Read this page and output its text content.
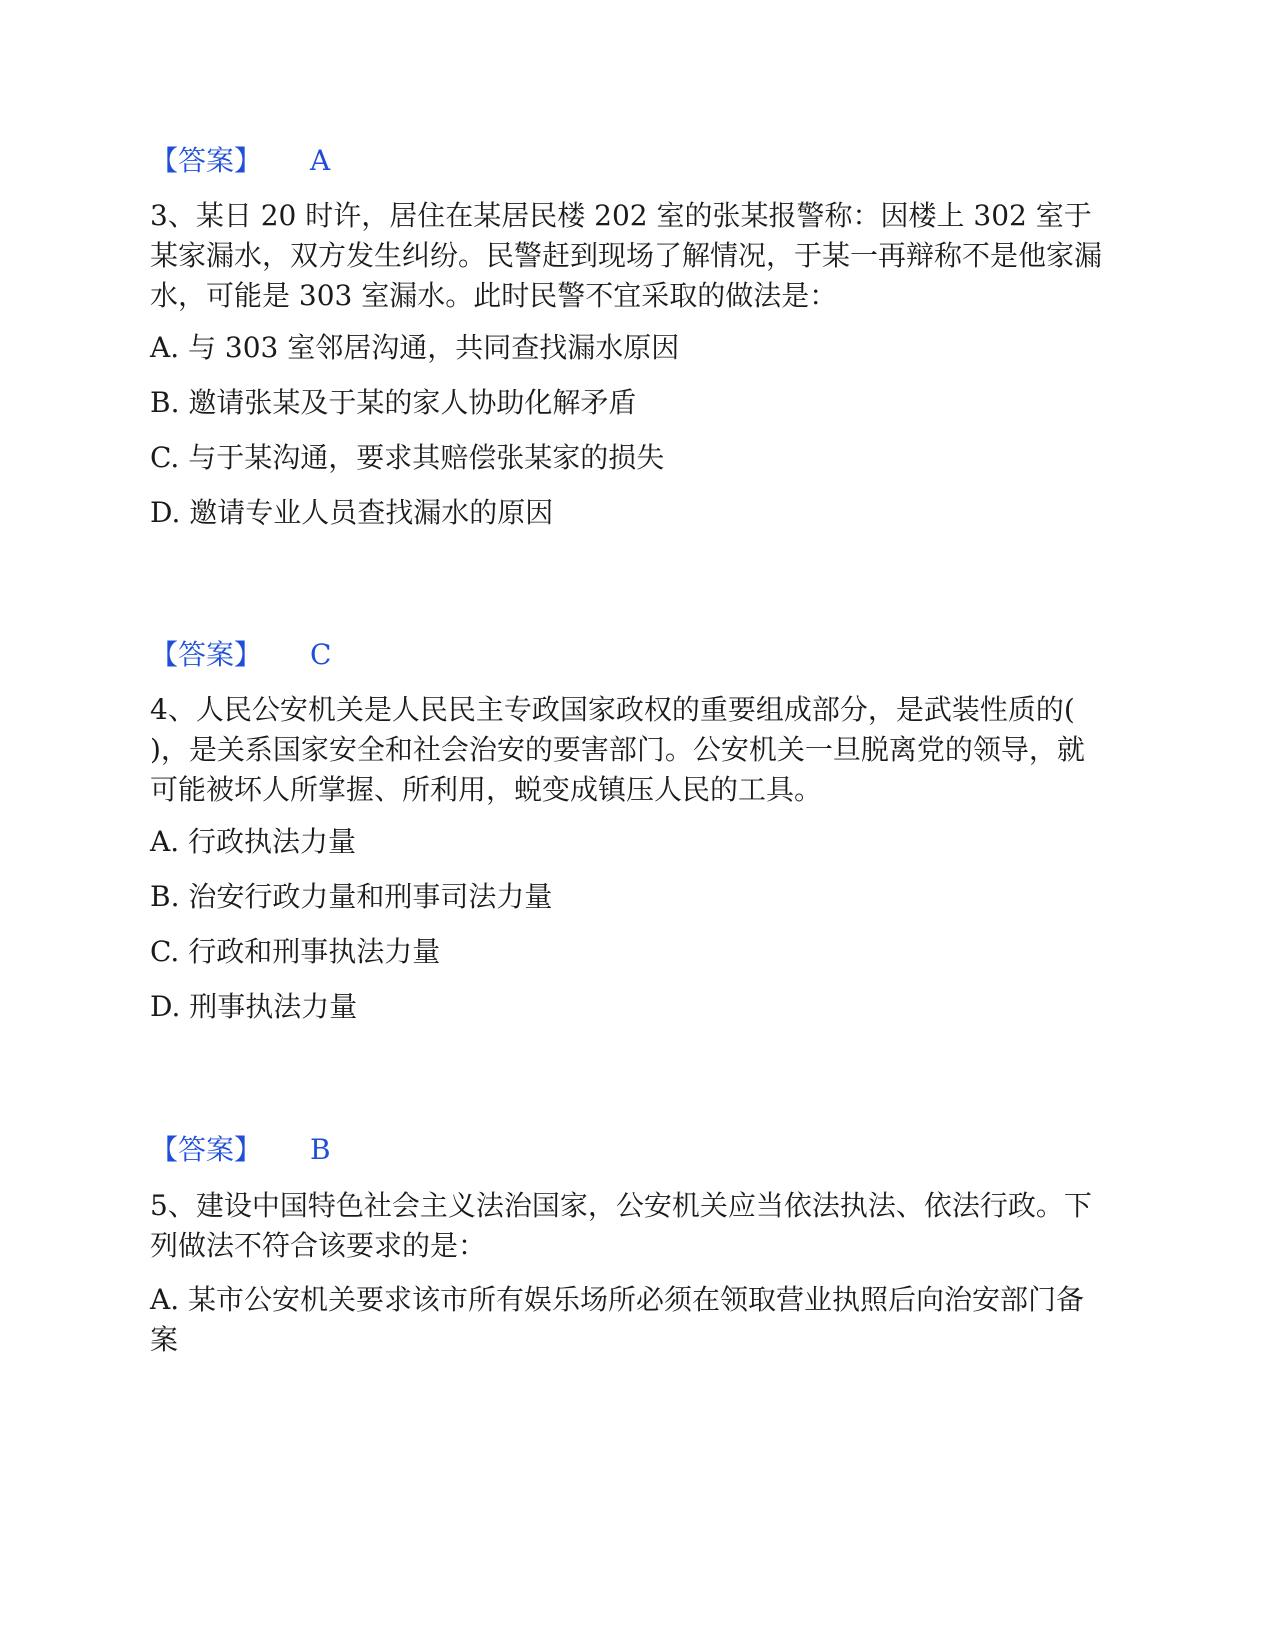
【答案】 A
3、某日 20 时许，居住在某居民楼 202 室的张某报警称：因楼上 302 室于某家漏水，双方发生纠纷。民警赶到现场了解情况，于某一再辩称不是他家漏水，可能是 303 室漏水。此时民警不宜采取的做法是：
A. 与 303 室邻居沟通，共同查找漏水原因
B. 邀请张某及于某的家人协助化解矛盾
C. 与于某沟通，要求其赔偿张某家的损失
D. 邀请专业人员查找漏水的原因
【答案】 C
4、人民公安机关是人民民主专政国家政权的重要组成部分，是武装性质的( )，是关系国家安全和社会治安的要害部门。公安机关一旦脱离党的领导，就可能被坏人所掌握、所利用，蜕变成镇压人民的工具。
A. 行政执法力量
B. 治安行政力量和刑事司法力量
C. 行政和刑事执法力量
D. 刑事执法力量
【答案】 B
5、建设中国特色社会主义法治国家，公安机关应当依法执法、依法行政。下列做法不符合该要求的是：
A. 某市公安机关要求该市所有娱乐场所必须在领取营业执照后向治安部门备案
